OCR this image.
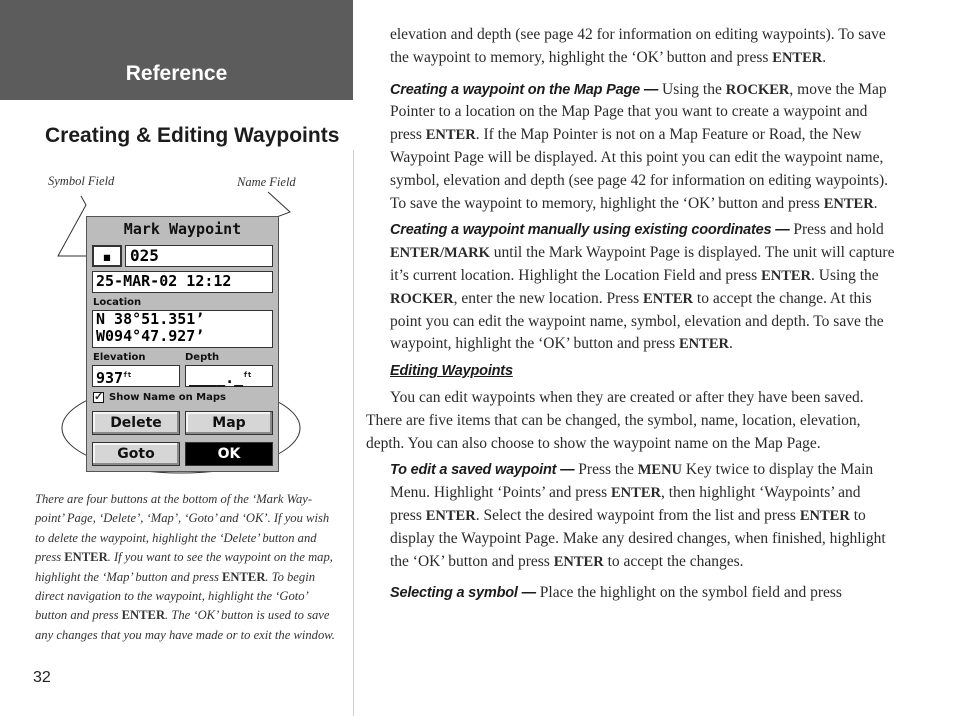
Reference
Creating & Editing Waypoints
Symbol Field	Name Field
Mark Waypoint
▪	025
25-MAR-02 12:12
Location
N 38°51.351’
W094°47.927’
Elevation	Depth
$937^{ft}$	____._$^{ft}$
✓ Show Name on Maps
Delete	Map
Goto	OK
There are four buttons at the bottom of the ‘Mark Way-point’ Page, ‘Delete’, ‘Map’, ‘Goto’ and ‘OK’. If you wish to delete the waypoint, highlight the ‘Delete’ button and press ENTER. If you want to see the waypoint on the map, highlight the ‘Map’ button and press ENTER. To begin direct navigation to the waypoint, highlight the ‘Goto’ button and press ENTER. The ‘OK’ button is used to save any changes that you may have made or to exit the window.
32

elevation and depth (see page 42 for information on editing waypoints). To save the waypoint to memory, highlight the ‘OK’ button and press ENTER.

Creating a waypoint on the Map Page — Using the ROCKER, move the Map Pointer to a location on the Map Page that you want to create a waypoint and press ENTER. If the Map Pointer is not on a Map Feature or Road, the New Waypoint Page will be displayed. At this point you can edit the waypoint name, symbol, elevation and depth (see page 42 for information on editing waypoints). To save the waypoint to memory, highlight the ‘OK’ button and press ENTER.

Creating a waypoint manually using existing coordinates — Press and hold ENTER/MARK until the Mark Waypoint Page is displayed. The unit will capture it’s current location. Highlight the Location Field and press ENTER. Using the ROCKER, enter the new location. Press ENTER to accept the change. At this point you can edit the waypoint name, symbol, elevation and depth. To save the waypoint, highlight the ‘OK’ button and press ENTER.

Editing Waypoints

You can edit waypoints when they are created or after they have been saved. There are five items that can be changed, the symbol, name, location, elevation, depth. You can also choose to show the waypoint name on the Map Page.

To edit a saved waypoint — Press the MENU Key twice to display the Main Menu. Highlight ‘Points’ and press ENTER, then highlight ‘Waypoints’ and press ENTER. Select the desired waypoint from the list and press ENTER to display the Waypoint Page. Make any desired changes, when finished, highlight the ‘OK’ button and press ENTER to accept the changes.

Selecting a symbol — Place the highlight on the symbol field and press
